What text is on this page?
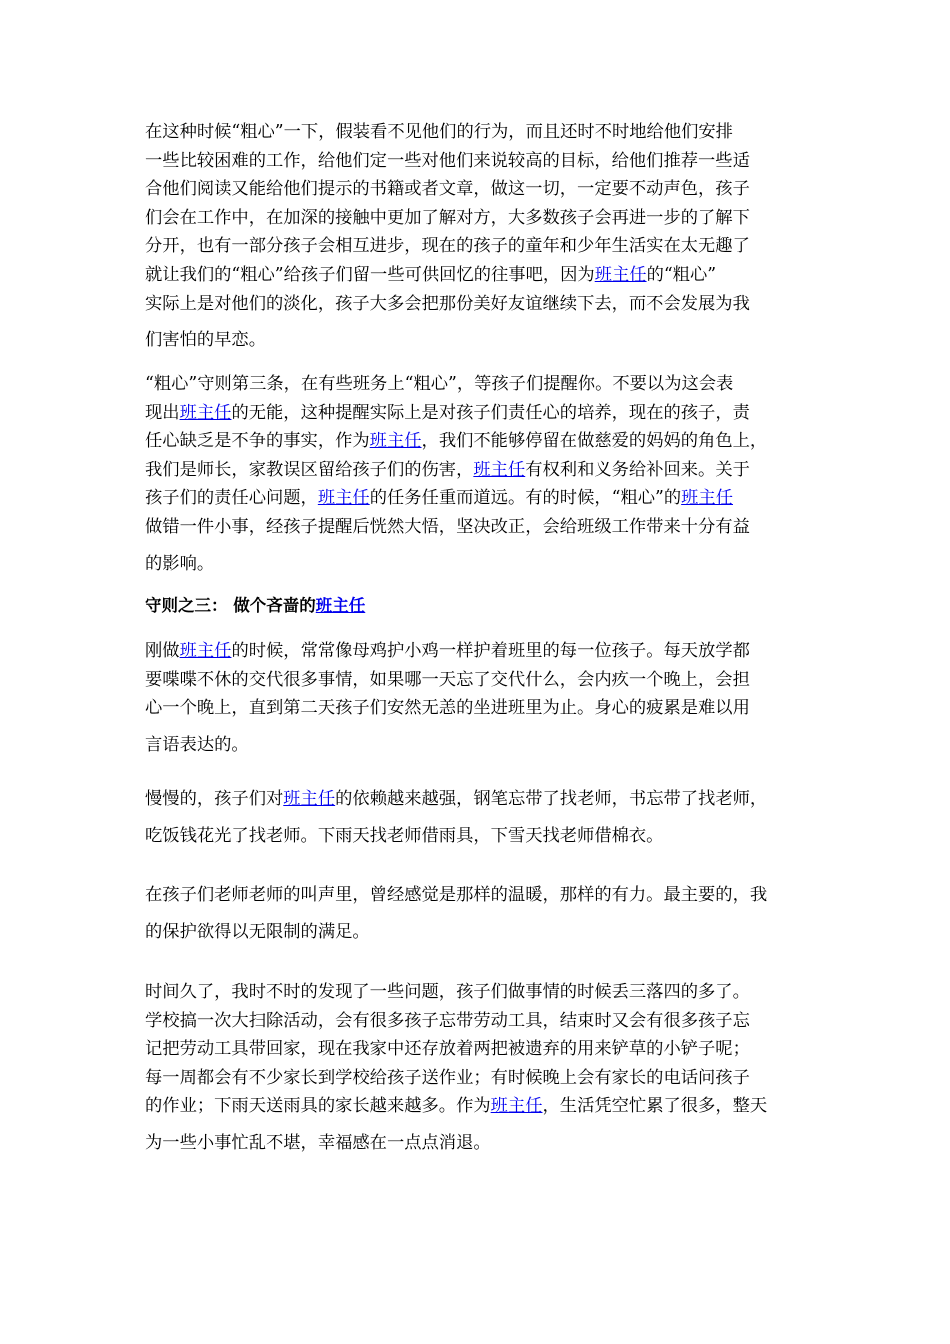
在这种时候“粗心”一下，假装看不见他们的行为，而且还时不时地给他们安排
一些比较困难的工作，给他们定一些对他们来说较高的目标，给他们推荐一些适
合他们阅读又能给他们提示的书籍或者文章，做这一切，一定要不动声色，孩子
们会在工作中，在加深的接触中更加了解对方，大多数孩子会再进一步的了解下
分开，也有一部分孩子会相互进步，现在的孩子的童年和少年生活实在太无趣了
就让我们的“粗心”给孩子们留一些可供回忆的往事吧，因为班主任的“粗心”
实际上是对他们的淡化，孩子大多会把那份美好友谊继续下去，而不会发展为我
们害怕的早恋。

“粗心”守则第三条，在有些班务上“粗心”，等孩子们提醒你。不要以为这会表
现出班主任的无能，这种提醒实际上是对孩子们责任心的培养，现在的孩子，责
任心缺乏是不争的事实，作为班主任，我们不能够停留在做慈爱的妈妈的角色上，
我们是师长，家教误区留给孩子们的伤害，班主任有权利和义务给补回来。关于
孩子们的责任心问题，班主任的任务任重而道远。有的时候，“粗心”的班主任
做错一件小事，经孩子提醒后恍然大悟，坚决改正，会给班级工作带来十分有益
的影响。

守则之三： 做个吝啬的班主任

刚做班主任的时候，常常像母鸡护小鸡一样护着班里的每一位孩子。每天放学都
要喋喋不休的交代很多事情，如果哪一天忘了交代什么，会内疚一个晚上，会担
心一个晚上，直到第二天孩子们安然无恙的坐进班里为止。身心的疲累是难以用
言语表达的。

慢慢的，孩子们对班主任的依赖越来越强，钢笔忘带了找老师，书忘带了找老师，
吃饭钱花光了找老师。下雨天找老师借雨具，下雪天找老师借棉衣。

在孩子们老师老师的叫声里，曾经感觉是那样的温暖，那样的有力。最主要的，我
的保护欲得以无限制的满足。

时间久了，我时不时的发现了一些问题，孩子们做事情的时候丢三落四的多了。
学校搞一次大扫除活动，会有很多孩子忘带劳动工具，结束时又会有很多孩子忘
记把劳动工具带回家，现在我家中还存放着两把被遗弃的用来铲草的小铲子呢；
每一周都会有不少家长到学校给孩子送作业；有时候晚上会有家长的电话问孩子
的作业；下雨天送雨具的家长越来越多。作为班主任，生活凭空忙累了很多，整天
为一些小事忙乱不堪，幸福感在一点点消退。
